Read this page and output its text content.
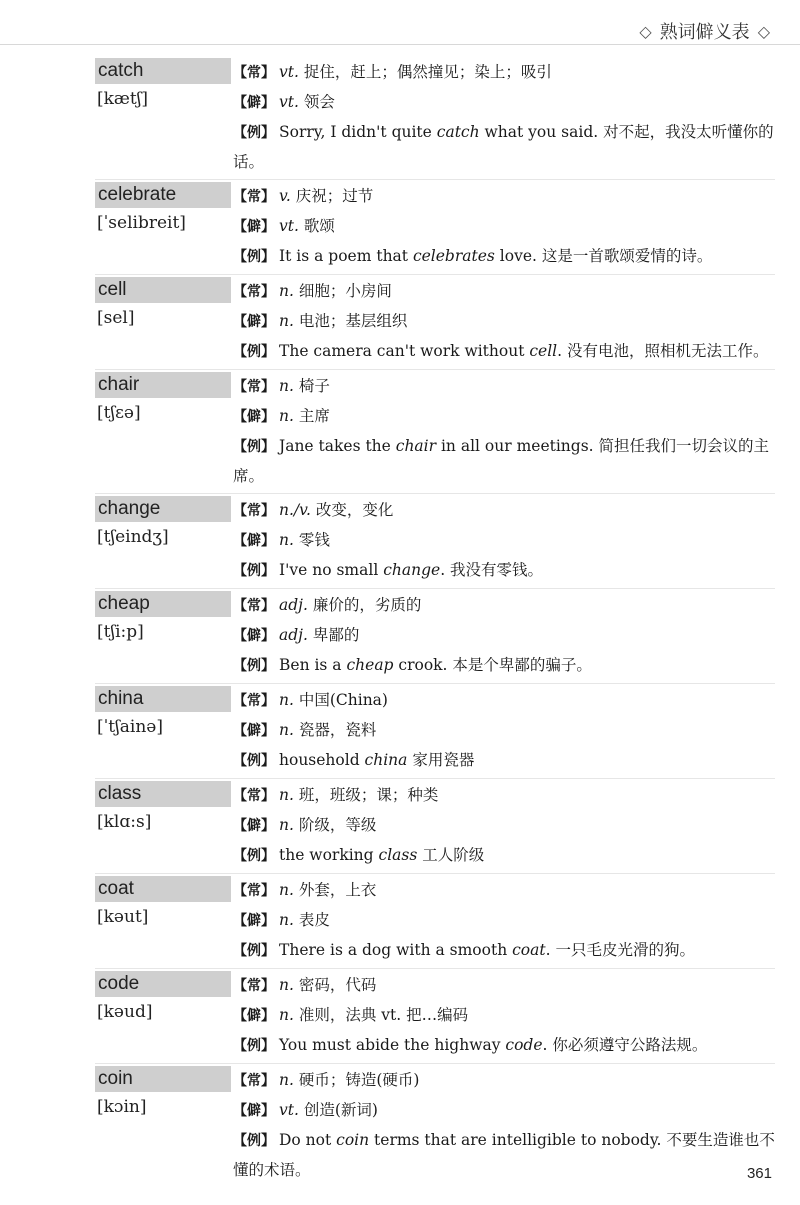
◇ 熟词僻义表 ◇
catch
[kætʃ]
【常】 vt. 捉住，赶上；偶然撞见；染上；吸引
【僻】 vt. 领会
【例】 Sorry, I didn't quite catch what you said. 对不起，我没太听懂你的话。
celebrate
[ˈselibreit]
【常】 v. 庆祝；过节
【僻】 vt. 歌颂
【例】 It is a poem that celebrates love. 这是一首歌颂爱情的诗。
cell
[sel]
【常】 n. 细胞；小房间
【僻】 n. 电池；基层组织
【例】 The camera can't work without cell. 没有电池，照相机无法工作。
chair
[tʃɛə]
【常】 n. 椅子
【僻】 n. 主席
【例】 Jane takes the chair in all our meetings. 简担任我们一切会议的主席。
change
[tʃeindʒ]
【常】 n./v. 改变，变化
【僻】 n. 零钱
【例】 I've no small change. 我没有零钱。
cheap
[tʃi:p]
【常】 adj. 廉价的，劣质的
【僻】 adj. 卑鄙的
【例】 Ben is a cheap crook. 本是个卑鄙的骗子。
china
[ˈtʃainə]
【常】 n. 中国(China)
【僻】 n. 瓷器，瓷料
【例】 household china 家用瓷器
class
[klɑ:s]
【常】 n. 班，班级；课；种类
【僻】 n. 阶级，等级
【例】 the working class 工人阶级
coat
[kəut]
【常】 n. 外套，上衣
【僻】 n. 表皮
【例】 There is a dog with a smooth coat. 一只毛皮光滑的狗。
code
[kəud]
【常】 n. 密码，代码
【僻】 n. 准则，法典 vt. 把…编码
【例】 You must abide the highway code. 你必须遵守公路法规。
coin
[kɔin]
【常】 n. 硬币；铸造(硬币)
【僻】 vt. 创造(新词)
【例】 Do not coin terms that are intelligible to nobody. 不要生造谁也不懂的术语。	361
